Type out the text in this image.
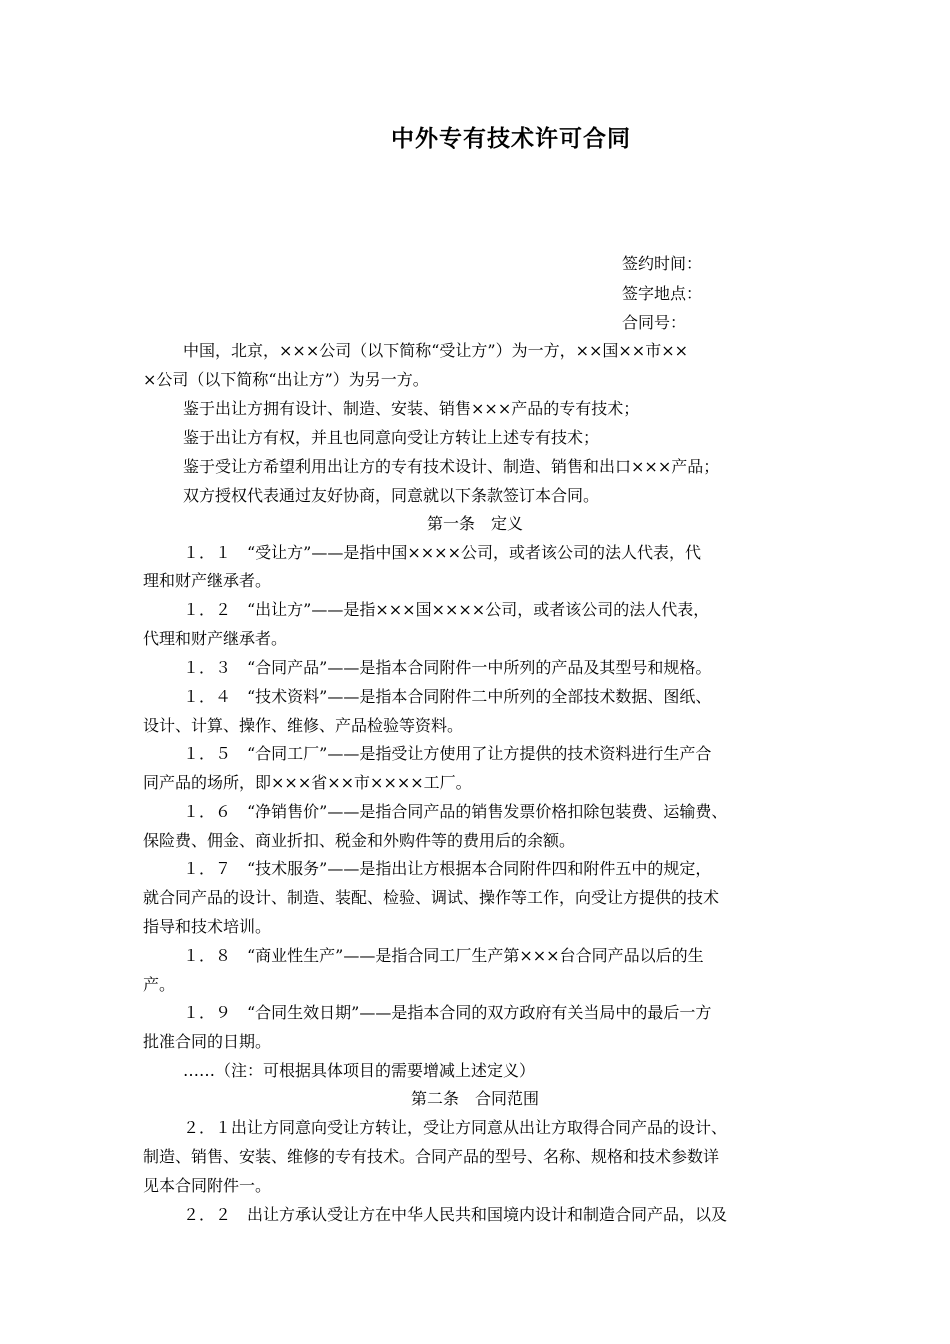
中外专有技术许可合同
签约时间：
签字地点：
合同号：
中国，北京，×××公司（以下简称“受让方”）为一方，××国××市××
×公司（以下简称“出让方”）为另一方。
鉴于出让方拥有设计、制造、安装、销售×××产品的专有技术；
鉴于出让方有权，并且也同意向受让方转让上述专有技术；
鉴于受让方希望利用出让方的专有技术设计、制造、销售和出口×××产品；
双方授权代表通过友好协商，同意就以下条款签订本合同。
第一条　定义
１．１　“受让方”——是指中国××××公司，或者该公司的法人代表，代
理和财产继承者。
１．２　“出让方”——是指×××国××××公司，或者该公司的法人代表，
代理和财产继承者。
１．３　“合同产品”——是指本合同附件一中所列的产品及其型号和规格。
１．４　“技术资料”——是指本合同附件二中所列的全部技术数据、图纸、
设计、计算、操作、维修、产品检验等资料。
１．５　“合同工厂”——是指受让方使用了让方提供的技术资料进行生产合
同产品的场所，即×××省××市××××工厂。
１．６　“净销售价”——是指合同产品的销售发票价格扣除包装费、运输费、
保险费、佣金、商业折扣、税金和外购件等的费用后的余额。
１．７　“技术服务”——是指出让方根据本合同附件四和附件五中的规定，
就合同产品的设计、制造、装配、检验、调试、操作等工作，向受让方提供的技术
指导和技术培训。
１．８　“商业性生产”——是指合同工厂生产第×××台合同产品以后的生
产。
１．９　“合同生效日期”——是指本合同的双方政府有关当局中的最后一方
批准合同的日期。
……（注：可根据具体项目的需要增减上述定义）
第二条　合同范围
２．１出让方同意向受让方转让，受让方同意从出让方取得合同产品的设计、
制造、销售、安装、维修的专有技术。合同产品的型号、名称、规格和技术参数详
见本合同附件一。
２．２　出让方承认受让方在中华人民共和国境内设计和制造合同产品，以及
